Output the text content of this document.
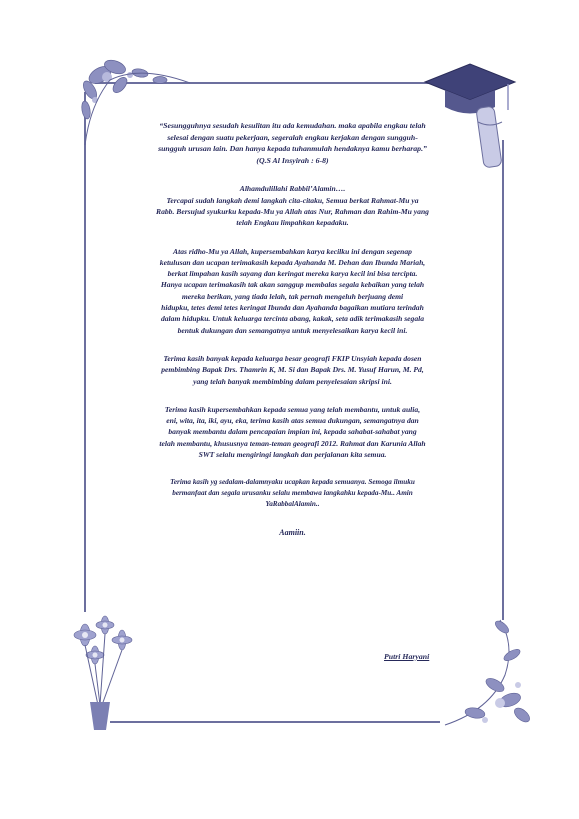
“Sesungguhnya sesudah kesulitan itu ada kemudahan. maka apabila engkau telah

selesai dengan suatu pekerjaan, segeralah engkau kerjakan dengan sungguh-

sungguh urusan lain. Dan hanya kepada tuhanmulah hendaknya kamu berharap.”

(Q.S Al Insyirah : 6-8)

Alhamdulillahi Rabbil’Alamin….

Tercapai sudah langkah demi langkah cita-citaku, Semua berkat Rahmat-Mu ya

Rabb. Bersujud syukurku kepada-Mu ya Allah atas Nur, Rahman dan Rahim-Mu yang

telah Engkau limpahkan kepadaku.

Atas ridho-Mu ya Allah, kupersembahkan karya kecilku ini dengan segenap

ketulusan dan ucapan terimakasih kepada Ayahanda M. Dehan dan Ibunda Mariah,

berkat limpahan kasih sayang dan keringat mereka karya kecil ini bisa tercipta.

Hanya ucapan terimakasih tak akan sanggup membalas segala kebaikan yang telah

mereka berikan, yang tiada lelah, tak pernah mengeluh berjuang demi

hidupku, tetes demi tetes keringat Ibunda dan Ayahanda bagaikan mutiara terindah

dalam hidupku. Untuk keluarga tercinta abang, kakak, seta adik terimakasih segala

bentuk dukungan dan semangatnya untuk menyelesaikan karya kecil ini.

Terima kasih banyak kepada keluarga besar geografi FKIP Unsyiah kepada dosen

pembimbing Bapak Drs. Thamrin K, M. Si dan Bapak Drs. M. Yusuf Harun, M. Pd,

yang telah banyak membimbing dalam penyelesaian skripsi ini.

Terima kasih kupersembahkan kepada semua yang telah membantu, untuk aulia,

eni, wita, ita, iki, ayu, eka, terima kasih atas semua dukungan, semangatnya dan

banyak membantu dalam pencapaian impian ini, kepada sahabat-sahabat yang

telah membantu, khususnya teman-teman geografi 2012. Rahmat dan Karunia Allah

SWT selalu mengiringi langkah dan perjalanan kita semua.

Terima kasih yg sedalam-dalamnyaku ucapkan kepada semuanya. Semoga ilmuku

bermanfaat dan segala urusanku selalu membawa langkahku kepada-Mu.. Amin

YaRabbalAlamin..

Aamiin.

Putri Haryani
